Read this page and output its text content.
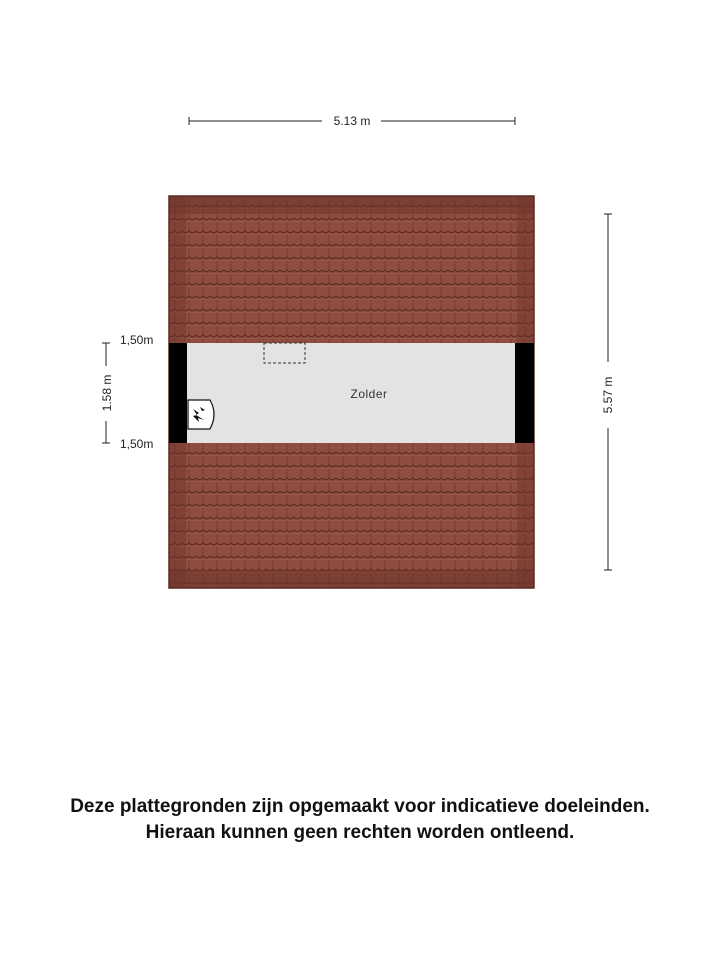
5.13 m
5.57 m
1.58 m
1,50m
1,50m
Zolder
Deze plattegronden zijn opgemaakt voor indicatieve doeleinden.
Hieraan kunnen geen rechten worden ontleend.
